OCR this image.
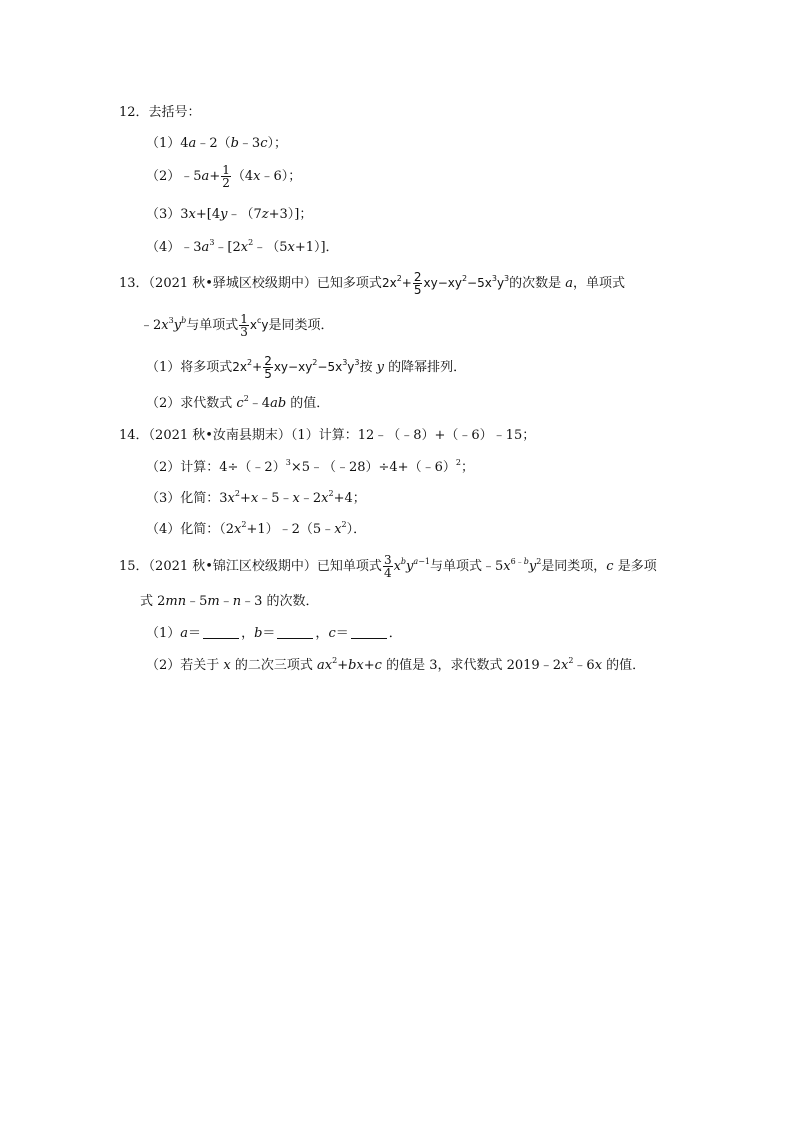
12．去括号：
（1）4a﹣2（b﹣3c）；
（2）﹣5a+ $\frac{1}{2}$ （4x﹣6）；
（3）3x+[4y﹣（7z+3）]；
$(4)﹣3a^3﹣[2x^2﹣(5x+1)]$．
13．（2021 秋•驿城区校级期中）已知多项式$2x^2+ \frac{2}{5} xy-xy^2-5x^3y^3$的次数是 a，单项式
$﹣2x^3y^b$与单项式 $\frac{1}{3} x^cy$是同类项．
（1）将多项式$2x^2+ \frac{2}{5} xy-xy^2-5x^3y^3$按 y 的降幂排列．
（2）求代数式 $c^2﹣4ab$ 的值．
14．（2021 秋•汝南县期末）（1）计算：12﹣（﹣8）+（﹣6）﹣15；
（2）计算：4÷（﹣2）$^3$×5﹣（﹣28）÷4+（﹣6）$^2$；
（3）化简：$3x^2+x﹣5﹣x﹣2x^2+4$；
（4）化简：$(2x^2+1)﹣2(5﹣x^2)$．
15．（2021 秋•锦江区校级期中）已知单项式 $\frac{3}{4} x^by^{a-1}$与单项式$﹣5x^{6﹣b}y^2$是同类项，c 是多项
式 2mn﹣5m﹣n﹣3 的次数．
（1）a＝	，b＝	，c＝	．
（2）若关于 x 的二次三项式 $ax^2+bx+c$ 的值是 3，求代数式 $2019﹣2x^2﹣6x$ 的值．
